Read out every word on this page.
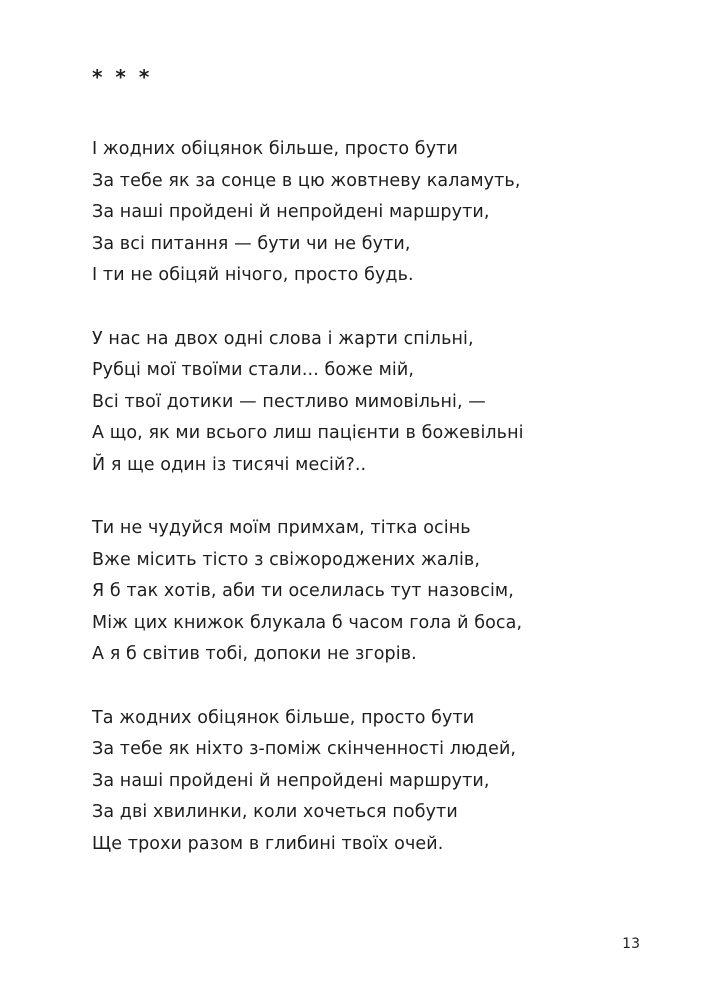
* * *
І жодних обіцянок більше, просто бути
За тебе як за сонце в цю жовтневу каламуть,
За наші пройдені й непройдені маршрути,
За всі питання — бути чи не бути,
І ти не обіцяй нічого, просто будь.
У нас на двох одні слова і жарти спільні,
Рубці мої твоїми стали... боже мій,
Всі твої дотики — пестливо мимовільні, —
А що, як ми всього лиш пацієнти в божевільні
Й я ще один із тисячі месій?..
Ти не чудуйся моїм примхам, тітка осінь
Вже місить тісто з свіжороджених жалів,
Я б так хотів, аби ти оселилась тут назовсім,
Між цих книжок блукала б часом гола й боса,
А я б світив тобі, допоки не згорів.
Та жодних обіцянок більше, просто бути
За тебе як ніхто з-поміж скінченності людей,
За наші пройдені й непройдені маршрути,
За дві хвилинки, коли хочеться побути
Ще трохи разом в глибині твоїх очей.
13
